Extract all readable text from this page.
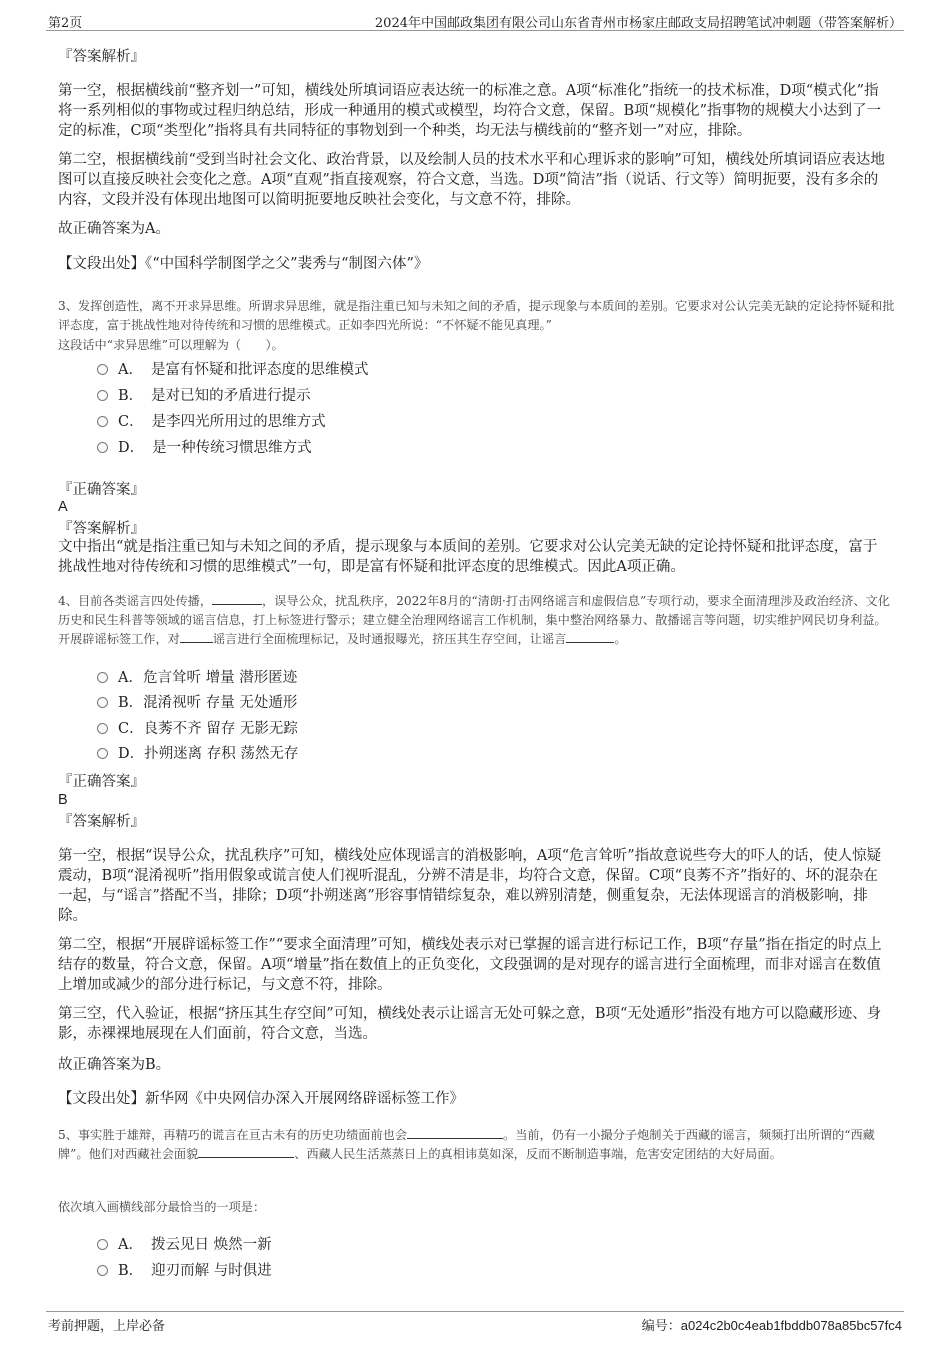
第2页	2024年中国邮政集团有限公司山东省青州市杨家庄邮政支局招聘笔试冲刺题（带答案解析）
『答案解析』
第一空，根据横线前“整齐划一”可知，横线处所填词语应表达统一的标准之意。A项“标准化”指统一的技术标准，D项“模式化”指将一系列相似的事物或过程归纳总结，形成一种通用的模式或模型，均符合文意，保留。B项“规模化”指事物的规模大小达到了一定的标准，C项“类型化”指将具有共同特征的事物划到一个种类，均无法与横线前的“整齐划一”对应，排除。
第二空，根据横线前“受到当时社会文化、政治背景，以及绘制人员的技术水平和心理诉求的影响”可知，横线处所填词语应表达地图可以直接反映社会变化之意。A项“直观”指直接观察，符合文意，当选。D项“简洁”指（说话、行文等）简明扼要，没有多余的内容，文段并没有体现出地图可以简明扼要地反映社会变化，与文意不符，排除。
故正确答案为A。
【文段出处】《“中国科学制图学之父”裴秀与“制图六体”》
3、发挥创造性，离不开求异思维。所谓求异思维，就是指注重已知与未知之间的矛盾，提示现象与本质间的差别。它要求对公认完美无缺的定论持怀疑和批评态度，富于挑战性地对待传统和习惯的思维模式。正如李四光所说：“不怀疑不能见真理。”
这段话中“求异思维”可以理解为（　　）。
A． 是富有怀疑和批评态度的思维模式
B． 是对已知的矛盾进行提示
C． 是李四光所用过的思维方式
D． 是一种传统习惯思维方式
『正确答案』
A
『答案解析』
文中指出“就是指注重已知与未知之间的矛盾，提示现象与本质间的差别。它要求对公认完美无缺的定论持怀疑和批评态度，富于挑战性地对待传统和习惯的思维模式”一句，即是富有怀疑和批评态度的思维模式。因此A项正确。
4、目前各类谣言四处传播，	，误导公众，扰乱秩序，2022年8月的“清朗·打击网络谣言和虚假信息”专项行动，要求全面清理涉及政治经济、文化历史和民生科普等领域的谣言信息，打上标签进行警示；建立健全治理网络谣言工作机制，集中整治网络暴力、散播谣言等问题，切实维护网民切身利益。开展辟谣标签工作，对	谣言进行全面梳理标记，及时通报曝光，挤压其生存空间，让谣言	。
A．危言耸听 增量 潜形匿迹
B．混淆视听 存量 无处遁形
C．良莠不齐 留存 无影无踪
D．扑朔迷离 存积 荡然无存
『正确答案』
B
『答案解析』
第一空，根据“误导公众，扰乱秩序”可知，横线处应体现谣言的消极影响，A项“危言耸听”指故意说些夸大的吓人的话，使人惊疑震动，B项“混淆视听”指用假象或谎言使人们视听混乱，分辨不清是非，均符合文意，保留。C项“良莠不齐”指好的、坏的混杂在一起，与“谣言”搭配不当，排除；D项“扑朔迷离”形容事情错综复杂，难以辨别清楚，侧重复杂，无法体现谣言的消极影响，排除。
第二空，根据“开展辟谣标签工作”“要求全面清理”可知，横线处表示对已掌握的谣言进行标记工作，B项“存量”指在指定的时点上结存的数量，符合文意，保留。A项“增量”指在数值上的正负变化，文段强调的是对现存的谣言进行全面梳理，而非对谣言在数值上增加或减少的部分进行标记，与文意不符，排除。
第三空，代入验证，根据“挤压其生存空间”可知，横线处表示让谣言无处可躲之意，B项“无处遁形”指没有地方可以隐藏形迹、身影，赤裸裸地展现在人们面前，符合文意，当选。
故正确答案为B。
【文段出处】新华网《中央网信办深入开展网络辟谣标签工作》
5、事实胜于雄辩，再精巧的谎言在亘古未有的历史功绩面前也会	。当前，仍有一小撮分子炮制关于西藏的谣言，频频打出所谓的“西藏牌”。他们对西藏社会面貌	、西藏人民生活蒸蒸日上的真相讳莫如深，反而不断制造事端，危害安定团结的大好局面。
依次填入画横线部分最恰当的一项是：
A． 拨云见日 焕然一新
B． 迎刃而解 与时俱进
考前押题，上岸必备	编号：a024c2b0c4eab1fbddb078a85bc57fc4
